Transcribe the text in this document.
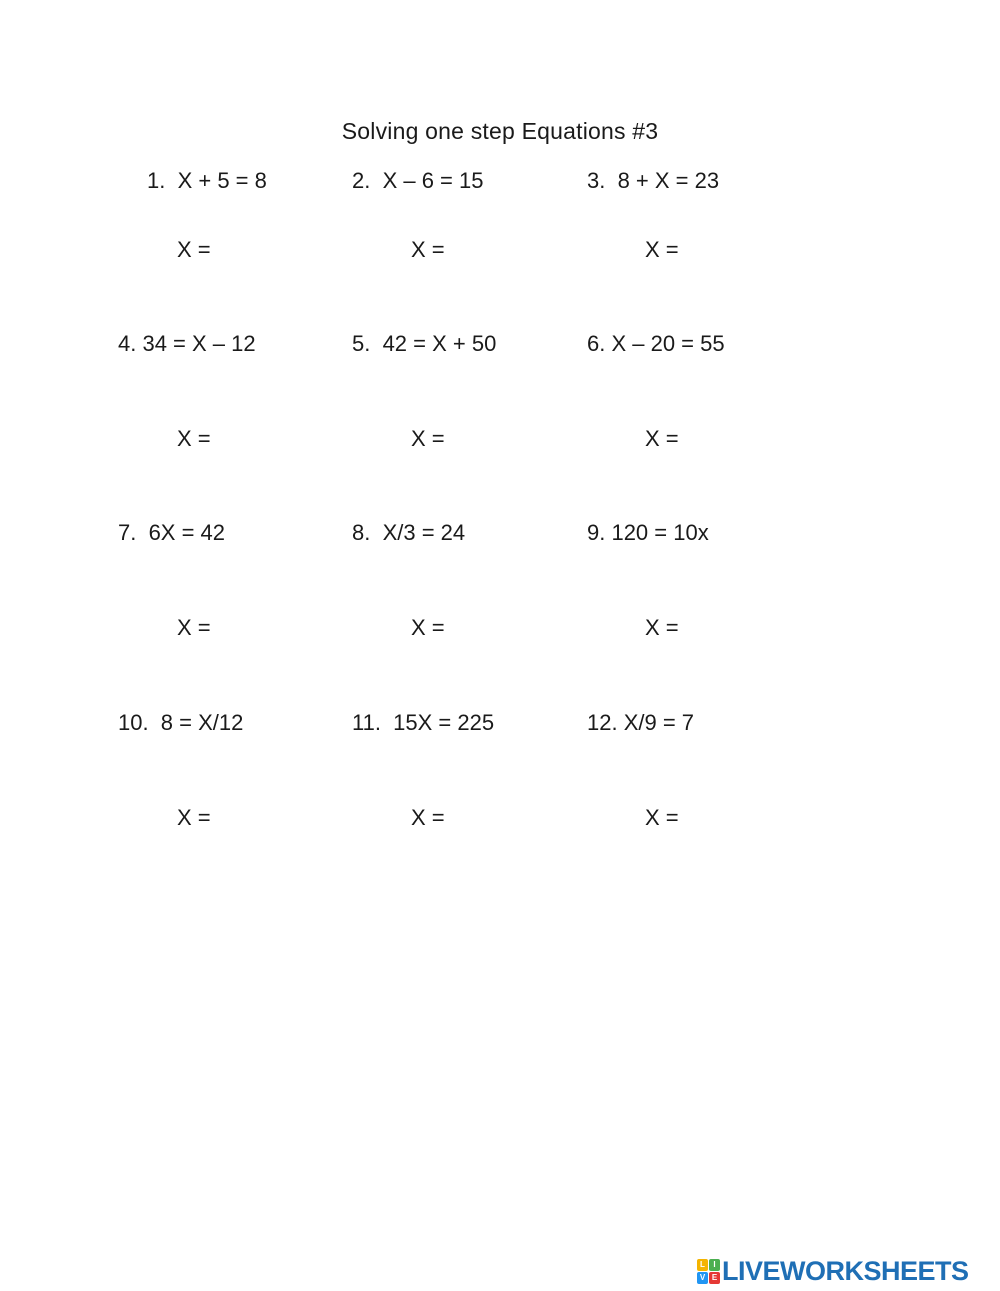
Solving one step Equations #3
1.  X + 5 = 8	2.  X – 6 = 15	3.  8 + X = 23
X =	X =	X =
4. 34 = X – 12	5.  42 = X + 50	6. X – 20 = 55
X =	X =	X =
7.  6X = 42	8.  X/3 = 24	9. 120 = 10x
X =	X =	X =
10.  8 = X/12	11.  15X = 225	12. X/9 = 7
X =	X =	X =
L	I
V E LIVEWORKSHEETS
